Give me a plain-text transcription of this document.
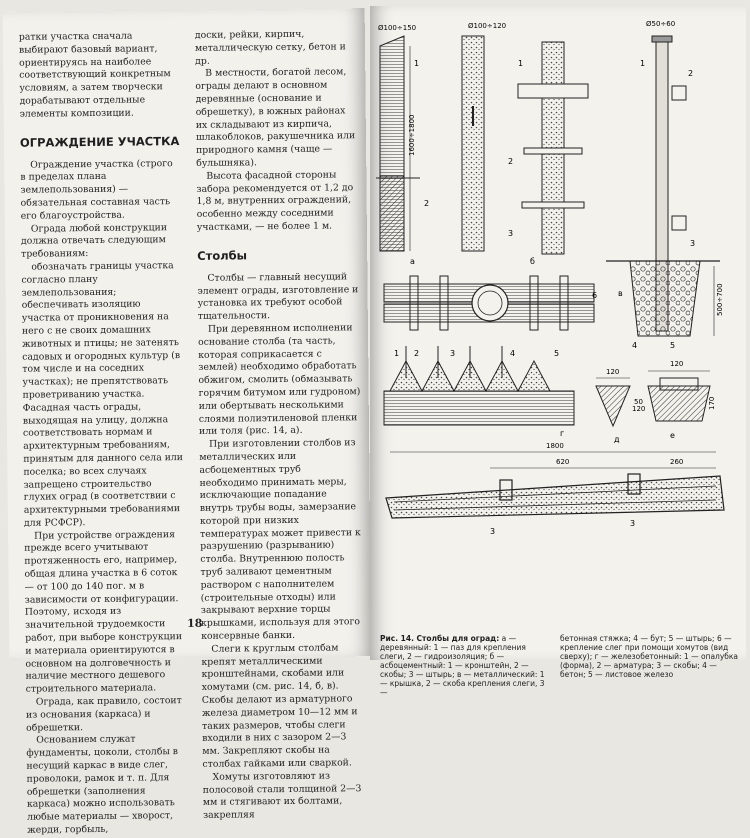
ратки участка сначала выбирают базовый вариант, ориентируясь на наиболее соответствующий конкретным условиям, а затем творчески дорабатывают отдельные элементы композиции.

ОГРАЖДЕНИЕ УЧАСТКА

Ограждение участка (строго в пределах плана землепользования) — обязательная составная часть его благоустройства.

Ограда любой конструкции должна отвечать следующим требованиям:

обозначать границы участка согласно плану землепользования; обеспечивать изоляцию участка от проникновения на него с не своих домашних животных и птицы; не затенять садовых и огородных культур (в том числе и на соседних участках); не препятствовать проветриванию участка. Фасадная часть ограды, выходящая на улицу, должна соответствовать нормам и архитектурным требованиям, принятым для данного села или поселка; во всех случаях запрещено строительство глухих оград (в соответствии с архитектурными требованиями для РСФСР).

При устройстве ограждения прежде всего учитывают протяженность его, например, общая длина участка в 6 соток — от 100 до 140 пог. м в зависимости от конфигурации. Поэтому, исходя из значительной трудоемкости работ, при выборе конструкции и материала ориентируются в основном на долговечность и наличие местного дешевого строительного материала.

Ограда, как правило, состоит из основания (каркаса) и обрешетки.

Основанием служат фундаменты, цоколи, столбы в несущий каркас в виде слег, проволоки, рамок и т. п. Для обрешетки (заполнения каркаса) можно использовать любые материалы — хворост, жерди, горбыль,

доски, рейки, кирпич, металлическую сетку, бетон и др.

В местности, богатой лесом, ограды делают в основном деревянные (основание и обрешетку), в южных районах их складывают из кирпича, шлакоблоков, ракушечника или природного камня (чаще — бульшняка).

Высота фасадной стороны забора рекомендуется от 1,2 до 1,8 м, внутренних ограждений, особенно между соседними участками, — не более 1 м.

Столбы

Столбы — главный несущий элемент ограды, изготовление и установка их требуют особой тщательности.

При деревянном исполнении основание столба (та часть, которая соприкасается с землей) необходимо обработать обжигом, смолить (обмазывать горячим битумом или гудроном) или обертывать несколькими слоями полиэтиленовой пленки или толя (рис. 14, а).

При изготовлении столбов из металлических или асбоцементных труб необходимо принимать меры, исключающие попадание внутрь трубы воды, замерзание которой при низких температурах может привести к разрушению (разрыванию) столба. Внутреннюю полость труб заливают цементным раствором с наполнителем (строительные отходы) или закрывают верхние торцы крышками, используя для этого консервные банки.

Слеги к круглым столбам крепят металлическими кронштейнами, скобами или хомутами (см. рис. 14, б, в). Скобы делают из арматурного железа диаметром 10—12 мм и таких размеров, чтобы слеги входили в них с зазором 2—3 мм. Закрепляют скобы на столбах гайками или сваркой.

Хомуты изготовляют из полосовой стали толщиной 2—3 мм и стягивают их болтами, закрепляя

18
1600÷1800
Ø100÷150
1
2
а
Ø100÷120
1
2
3
б
500÷700
Ø50÷60
1
2
3
4	5
в
6
1 2	3	4	5
г
120
120
д
120
50	170
е
1800
620	260
3
3
Рис. 14. Столбы для оград: а — деревянный: 1 — паз для крепления слеги, 2 — гидроизоляция; б — асбоцементный: 1 — кронштейн, 2 — скобы; 3 — штырь; в — металлический: 1 — крышка, 2 — скоба крепления слеги, 3 —
бетонная стяжка; 4 — бут; 5 — штырь; 6 — крепление слег при помощи хомутов (вид сверху); г — железобетонный: 1 — опалубка (форма), 2 — арматура; 3 — скобы; 4 — бетон; 5 — листовое железо
